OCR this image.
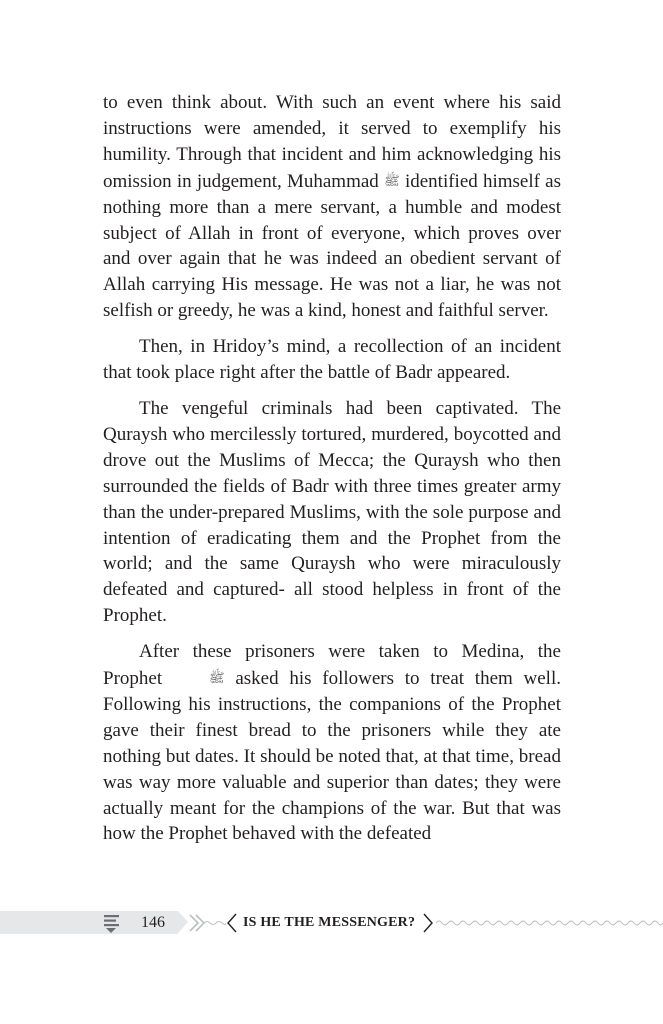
to even think about. With such an event where his said instructions were amended, it served to exemplify his humility. Through that incident and him acknowledging his omission in judgement, Muhammad ﷺ identified himself as nothing more than a mere servant, a humble and modest subject of Allah in front of everyone, which proves over and over again that he was indeed an obedient servant of Allah carrying His message. He was not a liar, he was not selfish or greedy, he was a kind, honest and faithful server.

Then, in Hridoy’s mind, a recollection of an incident that took place right after the battle of Badr appeared.

The vengeful criminals had been captivated. The Quraysh who mercilessly tortured, murdered, boycotted and drove out the Muslims of Mecca; the Quraysh who then surrounded the fields of Badr with three times greater army than the under-prepared Muslims, with the sole purpose and intention of eradicating them and the Prophet from the world; and the same Quraysh who were miraculously defeated and captured- all stood helpless in front of the Prophet.

After these prisoners were taken to Medina, the Prophet	ﷺ asked his followers to treat them well. Following his instructions, the companions of the Prophet gave their finest bread to the prisoners while they ate nothing but dates. It should be noted that, at that time, bread was way more valuable and superior than dates; they were actually meant for the champions of the war. But that was how the Prophet behaved with the defeated

146	IS HE THE MESSENGER?
